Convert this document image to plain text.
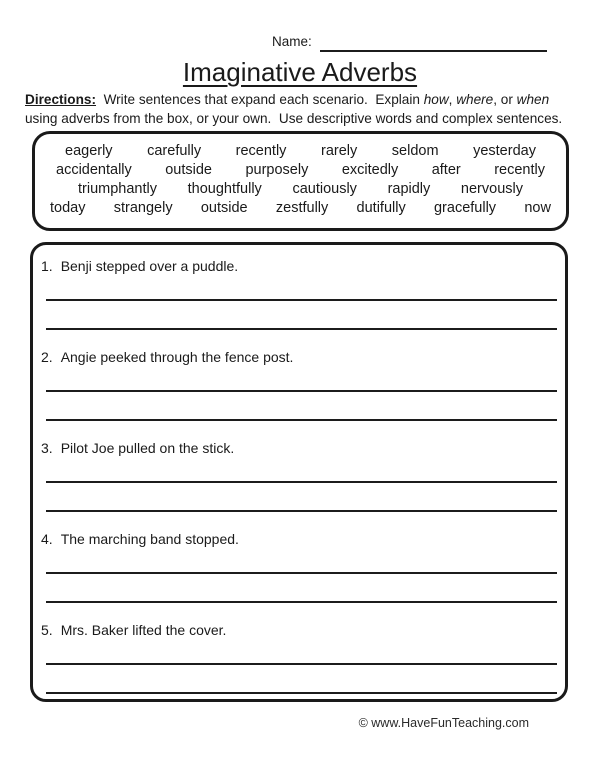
Name:
Imaginative Adverbs

Directions:  Write sentences that expand each scenario.  Explain how, where, or when using adverbs from the box, or your own.  Use descriptive words and complex sentences.

eagerly carefully recently rarely seldom yesterday
accidentally outside purposely excitedly after recently
triumphantly thoughtfully cautiously rapidly nervously
today strangely outside zestfully dutifully gracefully now
1. Benji stepped over a puddle.
2. Angie peeked through the fence post.
3. Pilot Joe pulled on the stick.
4. The marching band stopped.
5. Mrs. Baker lifted the cover.
© www.HaveFunTeaching.com
